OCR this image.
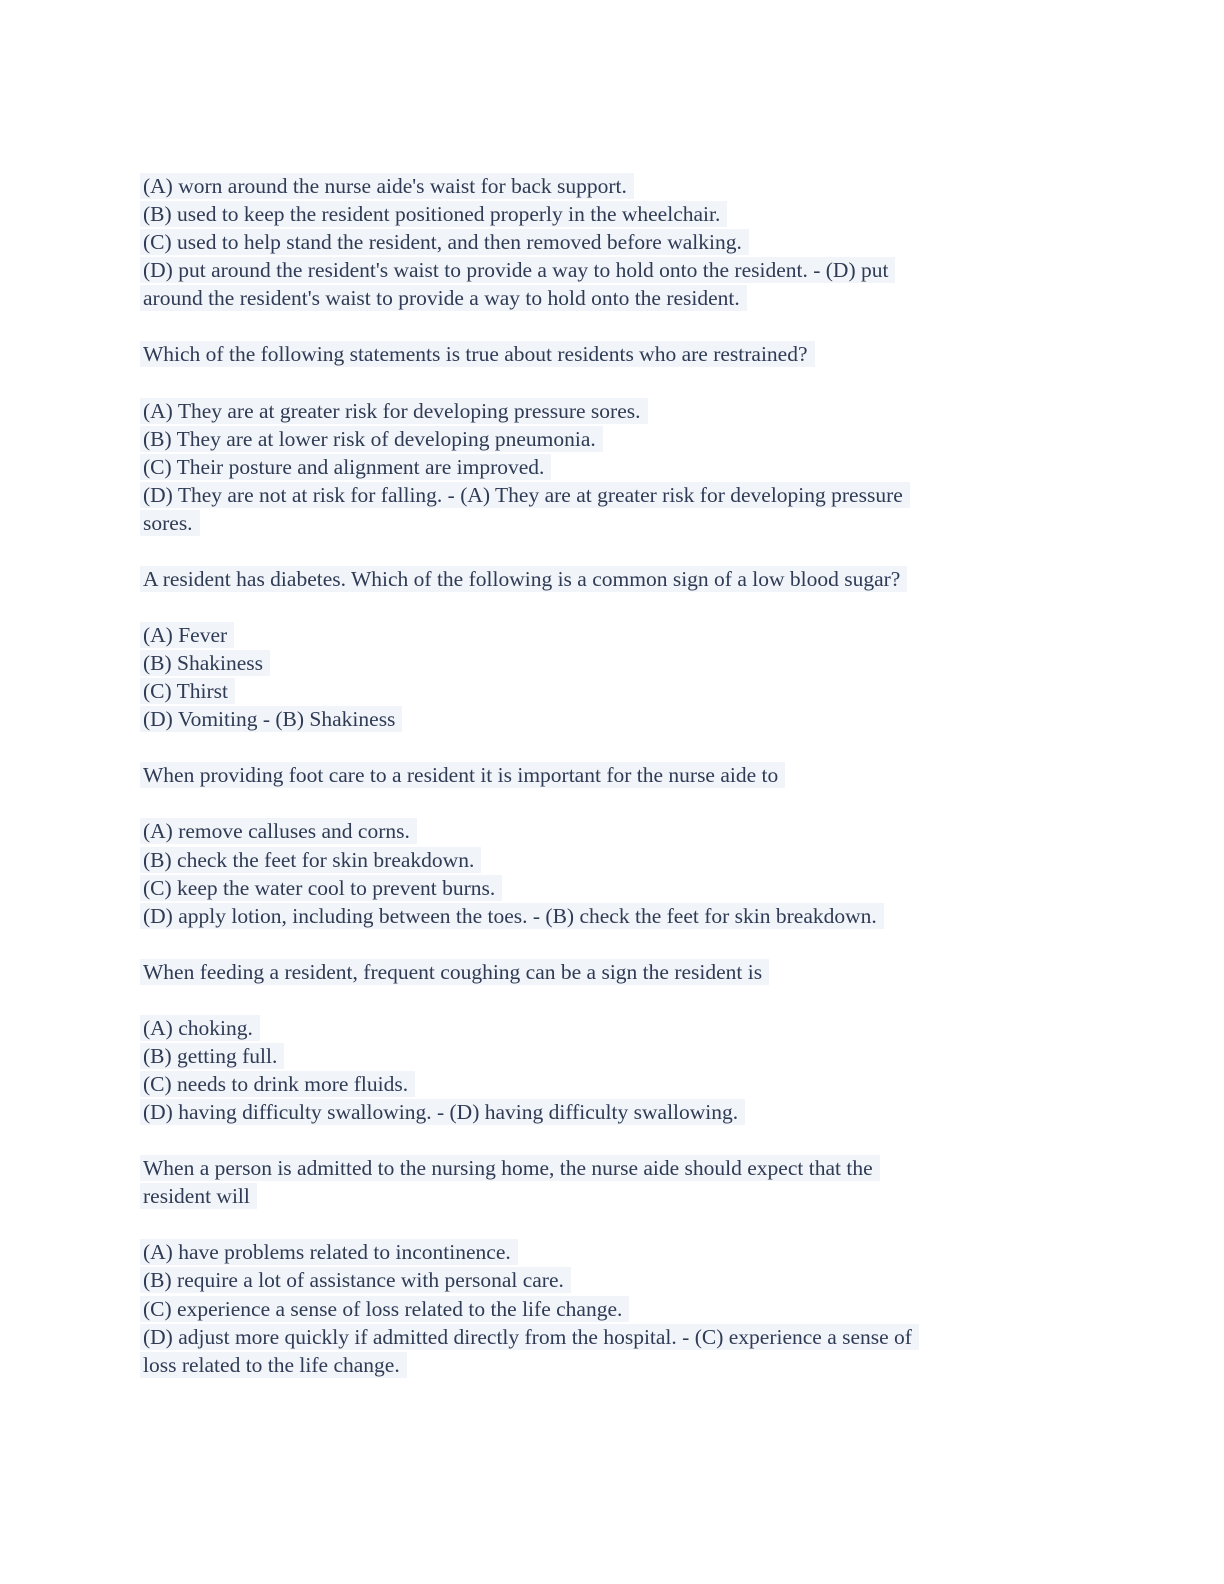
(A) worn around the nurse aide's waist for back support.
(B) used to keep the resident positioned properly in the wheelchair.
(C) used to help stand the resident, and then removed before walking.
(D) put around the resident's waist to provide a way to hold onto the resident. - (D) put
around the resident's waist to provide a way to hold onto the resident.
Which of the following statements is true about residents who are restrained?
(A) They are at greater risk for developing pressure sores.
(B) They are at lower risk of developing pneumonia.
(C) Their posture and alignment are improved.
(D) They are not at risk for falling. - (A) They are at greater risk for developing pressure
sores.
A resident has diabetes. Which of the following is a common sign of a low blood sugar?
(A) Fever
(B) Shakiness
(C) Thirst
(D) Vomiting - (B) Shakiness
When providing foot care to a resident it is important for the nurse aide to
(A) remove calluses and corns.
(B) check the feet for skin breakdown.
(C) keep the water cool to prevent burns.
(D) apply lotion, including between the toes. - (B) check the feet for skin breakdown.
When feeding a resident, frequent coughing can be a sign the resident is
(A) choking.
(B) getting full.
(C) needs to drink more fluids.
(D) having difficulty swallowing. - (D) having difficulty swallowing.
When a person is admitted to the nursing home, the nurse aide should expect that the
resident will
(A) have problems related to incontinence.
(B) require a lot of assistance with personal care.
(C) experience a sense of loss related to the life change.
(D) adjust more quickly if admitted directly from the hospital. - (C) experience a sense of
loss related to the life change.
